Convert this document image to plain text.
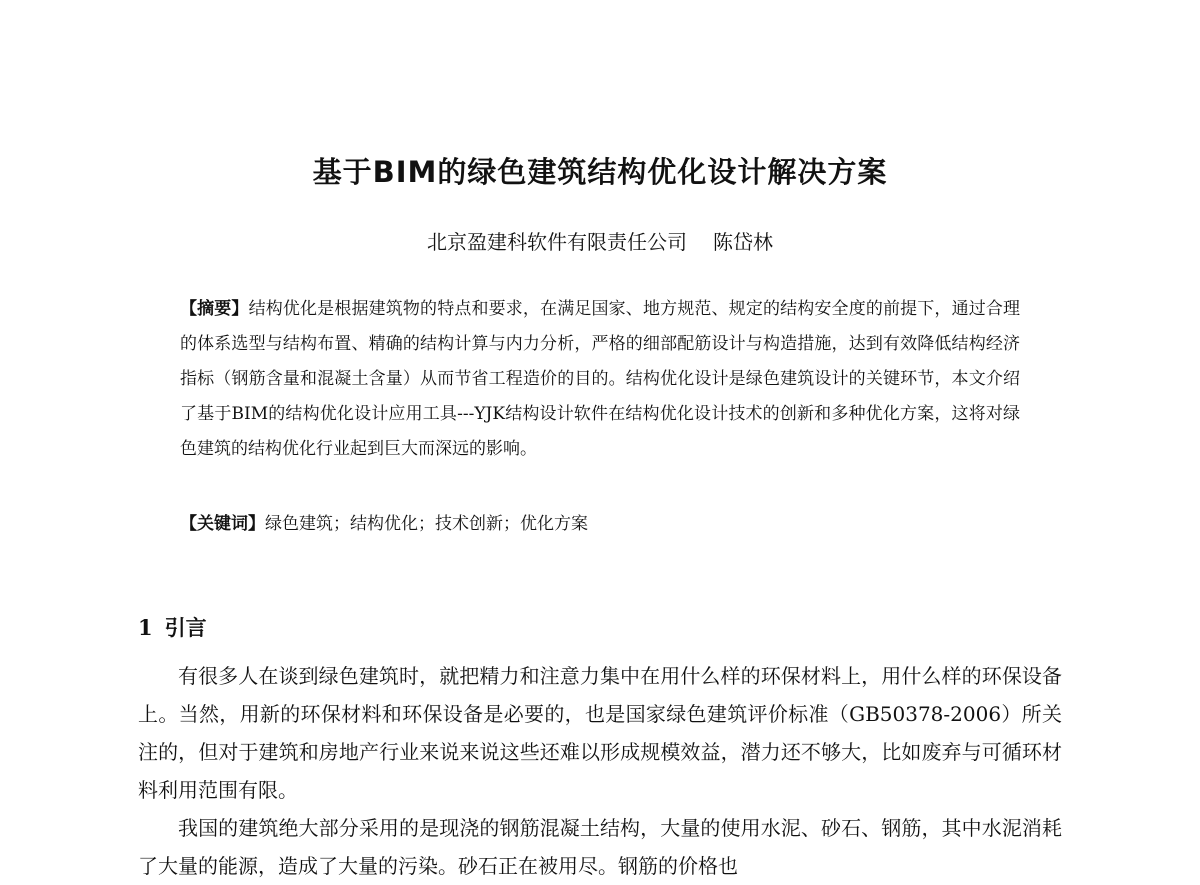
基于BIM的绿色建筑结构优化设计解决方案
北京盈建科软件有限责任公司 陈岱林
【摘要】结构优化是根据建筑物的特点和要求，在满足国家、地方规范、规定的结构安全度的前提下，通过合理的体系选型与结构布置、精确的结构计算与内力分析，严格的细部配筋设计与构造措施，达到有效降低结构经济指标（钢筋含量和混凝土含量）从而节省工程造价的目的。结构优化设计是绿色建筑设计的关键环节，本文介绍了基于BIM的结构优化设计应用工具---YJK结构设计软件在结构优化设计技术的创新和多种优化方案，这将对绿色建筑的结构优化行业起到巨大而深远的影响。
【关键词】绿色建筑；结构优化；技术创新；优化方案
1 引言

有很多人在谈到绿色建筑时，就把精力和注意力集中在用什么样的环保材料上，用什么样的环保设备上。当然，用新的环保材料和环保设备是必要的，也是国家绿色建筑评价标准（GB50378-2006）所关注的，但对于建筑和房地产行业来说来说这些还难以形成规模效益，潜力还不够大，比如废弃与可循环材料利用范围有限。

我国的建筑绝大部分采用的是现浇的钢筋混凝土结构，大量的使用水泥、砂石、钢筋，其中水泥消耗了大量的能源，造成了大量的污染。砂石正在被用尽。钢筋的价格也
